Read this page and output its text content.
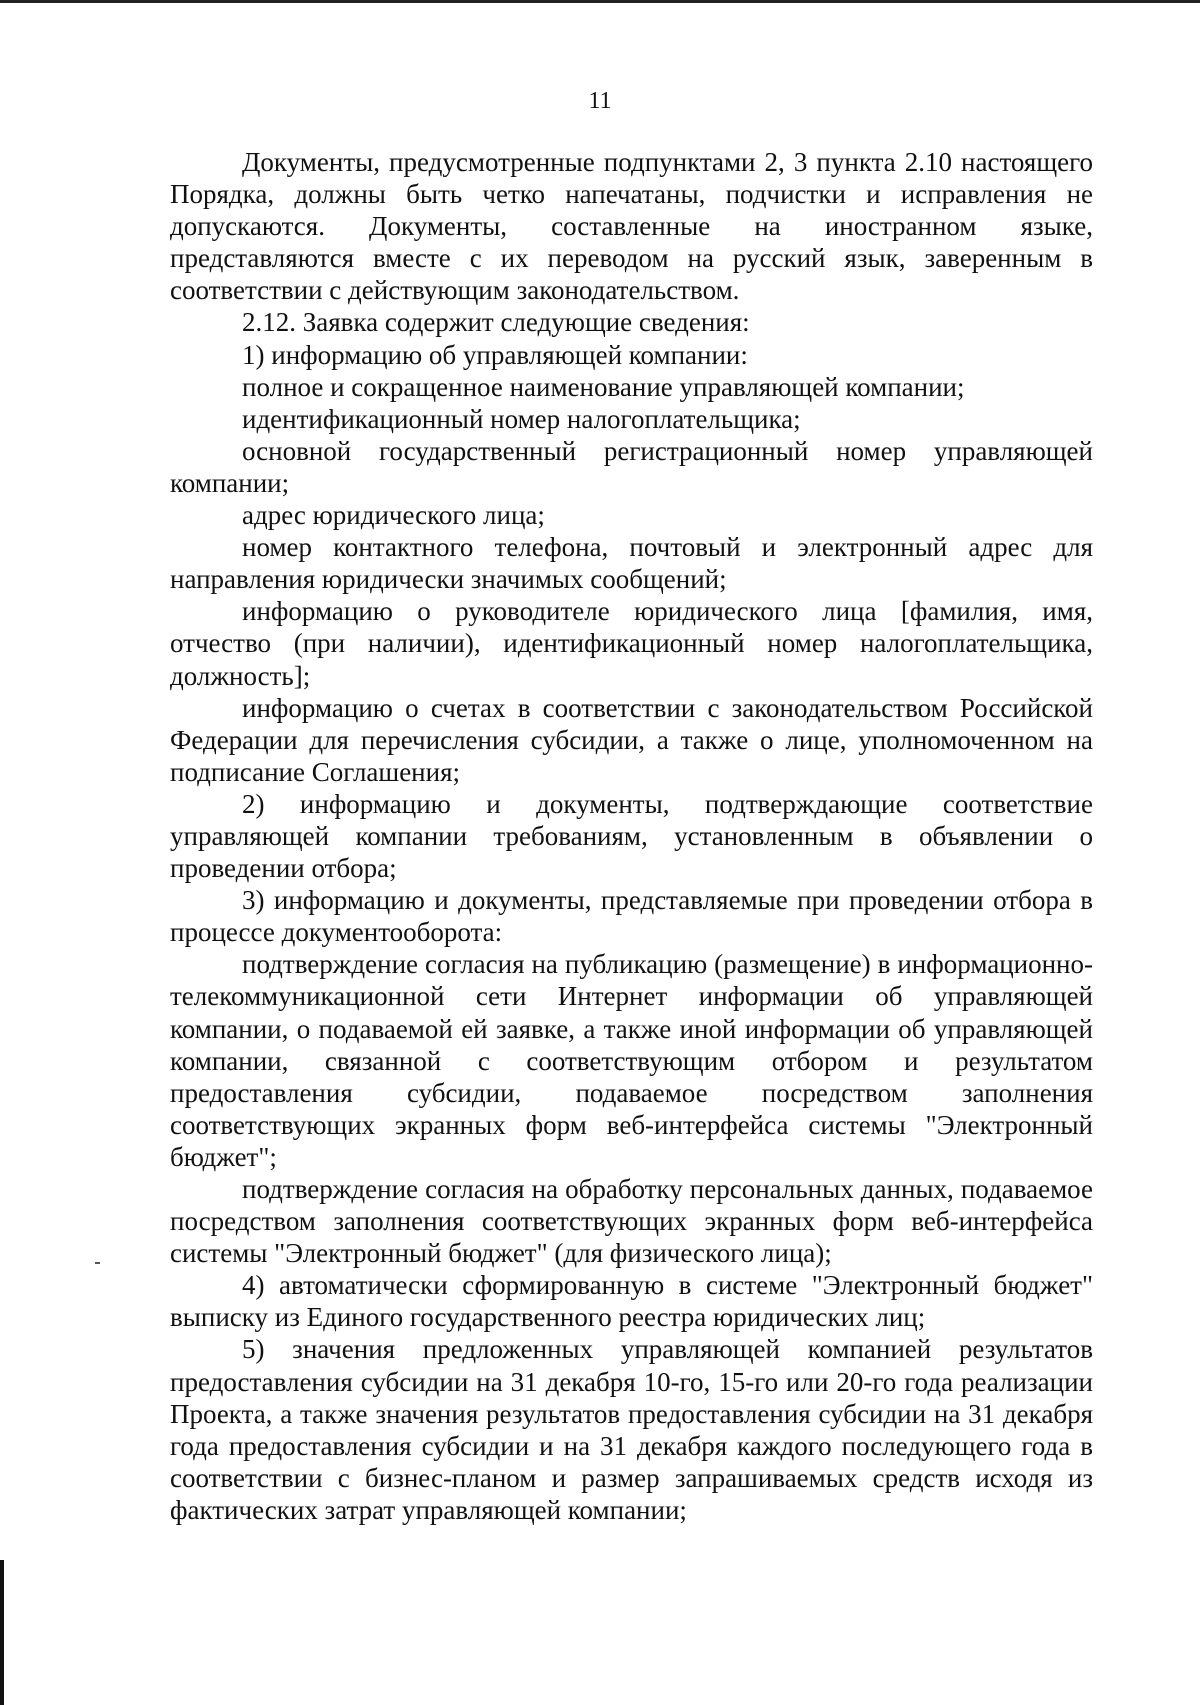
11

Документы, предусмотренные подпунктами 2, 3 пункта 2.10 настоящего Порядка, должны быть четко напечатаны, подчистки и исправления не допускаются. Документы, составленные на иностранном языке, представляются вместе с их переводом на русский язык, заверенным в соответствии с действующим законодательством.

2.12. Заявка содержит следующие сведения:

1) информацию об управляющей компании:

полное и сокращенное наименование управляющей компании;

идентификационный номер налогоплательщика;

основной государственный регистрационный номер управляющей компании;

адрес юридического лица;

номер контактного телефона, почтовый и электронный адрес для направления юридически значимых сообщений;

информацию о руководителе юридического лица [фамилия, имя, отчество (при наличии), идентификационный номер налогоплательщика, должность];

информацию о счетах в соответствии с законодательством Российской Федерации для перечисления субсидии, а также о лице, уполномоченном на подписание Соглашения;

2) информацию и документы, подтверждающие соответствие управляющей компании требованиям, установленным в объявлении о проведении отбора;

3) информацию и документы, представляемые при проведении отбора в процессе документооборота:

подтверждение согласия на публикацию (размещение) в информационно-телекоммуникационной сети Интернет информации об управляющей компании, о подаваемой ей заявке, а также иной информации об управляющей компании, связанной с соответствующим отбором и результатом предоставления субсидии, подаваемое посредством заполнения соответствующих экранных форм веб-интерфейса системы "Электронный бюджет";

подтверждение согласия на обработку персональных данных, подаваемое посредством заполнения соответствующих экранных форм веб-интерфейса системы "Электронный бюджет" (для физического лица);

4) автоматически сформированную в системе "Электронный бюджет" выписку из Единого государственного реестра юридических лиц;

5) значения предложенных управляющей компанией результатов предоставления субсидии на 31 декабря 10-го, 15-го или 20-го года реализации Проекта, а также значения результатов предоставления субсидии на 31 декабря года предоставления субсидии и на 31 декабря каждого последующего года в соответствии с бизнес-планом и размер запрашиваемых средств исходя из фактических затрат управляющей компании;
